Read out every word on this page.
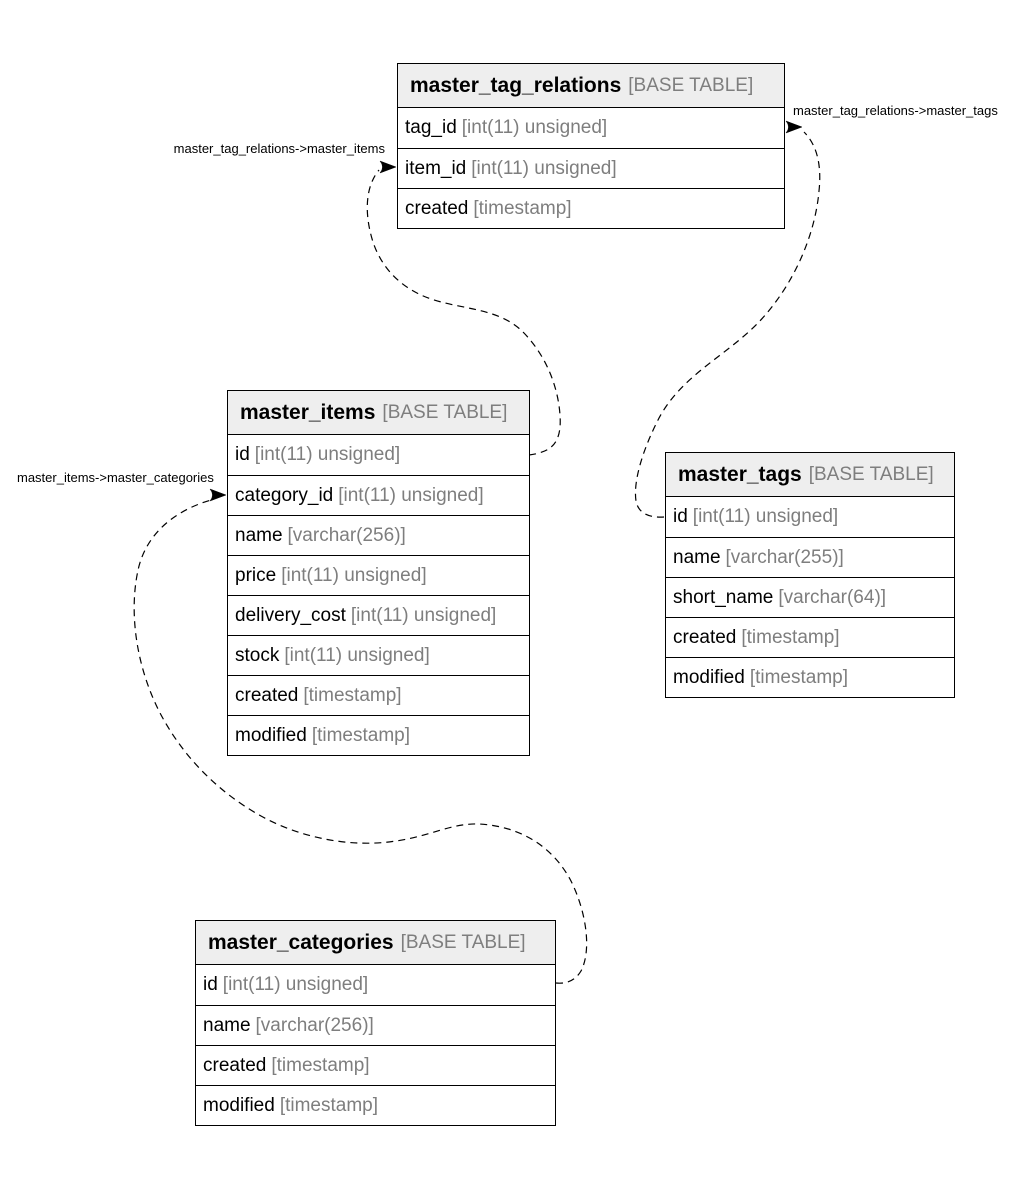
master_tag_relations [BASE TABLE]
tag_id [int(11) unsigned]
item_id [int(11) unsigned]
created [timestamp]
master_items [BASE TABLE]
id [int(11) unsigned]
category_id [int(11) unsigned]
name [varchar(256)]
price [int(11) unsigned]
delivery_cost [int(11) unsigned]
stock [int(11) unsigned]
created [timestamp]
modified [timestamp]
master_tags [BASE TABLE]
id [int(11) unsigned]
name [varchar(255)]
short_name [varchar(64)]
created [timestamp]
modified [timestamp]
master_categories [BASE TABLE]
id [int(11) unsigned]
name [varchar(256)]
created [timestamp]
modified [timestamp]
master_tag_relations->master_items
master_tag_relations->master_tags
master_items->master_categories
